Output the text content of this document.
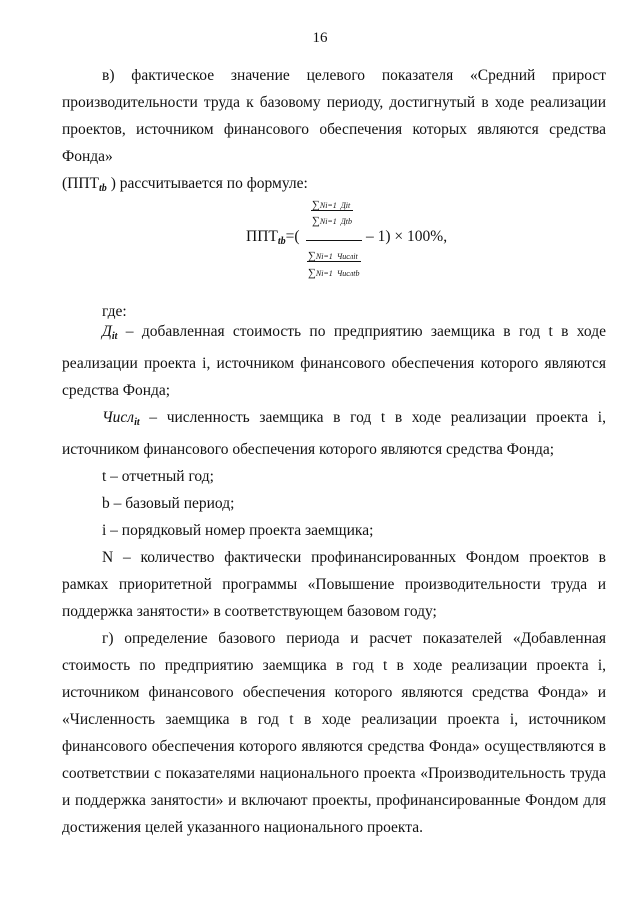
16

в) фактическое значение целевого показателя «Средний прирост производительности труда к базовому периоду, достигнутый в ходе реализации проектов, источником финансового обеспечения которых являются средства Фонда»

($ППТ_{tb}$ ) рассчитывается по формуле:

$ППТ_{tb}=$(
∑Ni=1 Дit
∑Ni=1 Дtb
∑Ni=1 Числit
∑Ni=1 Числtb
– 1) × 100%,

где:

$Д_{it}$ – добавленная стоимость по предприятию заемщика в год t в ходе реализации проекта i, источником финансового обеспечения которого являются средства Фонда;

Числ$_{it}$ – численность заемщика в год t в ходе реализации проекта i, источником финансового обеспечения которого являются средства Фонда;

t – отчетный год;

b – базовый период;

i – порядковый номер проекта заемщика;

N – количество фактически профинансированных Фондом проектов в рамках приоритетной программы «Повышение производительности труда и поддержка занятости» в соответствующем базовом году;

г) определение базового периода и расчет показателей «Добавленная стоимость по предприятию заемщика в год t в ходе реализации проекта i, источником финансового обеспечения которого являются средства Фонда» и «Численность заемщика в год t в ходе реализации проекта i, источником финансового обеспечения которого являются средства Фонда» осуществляются в соответствии с показателями национального проекта «Производительность труда и поддержка занятости» и включают проекты, профинансированные Фондом для достижения целей указанного национального проекта.
